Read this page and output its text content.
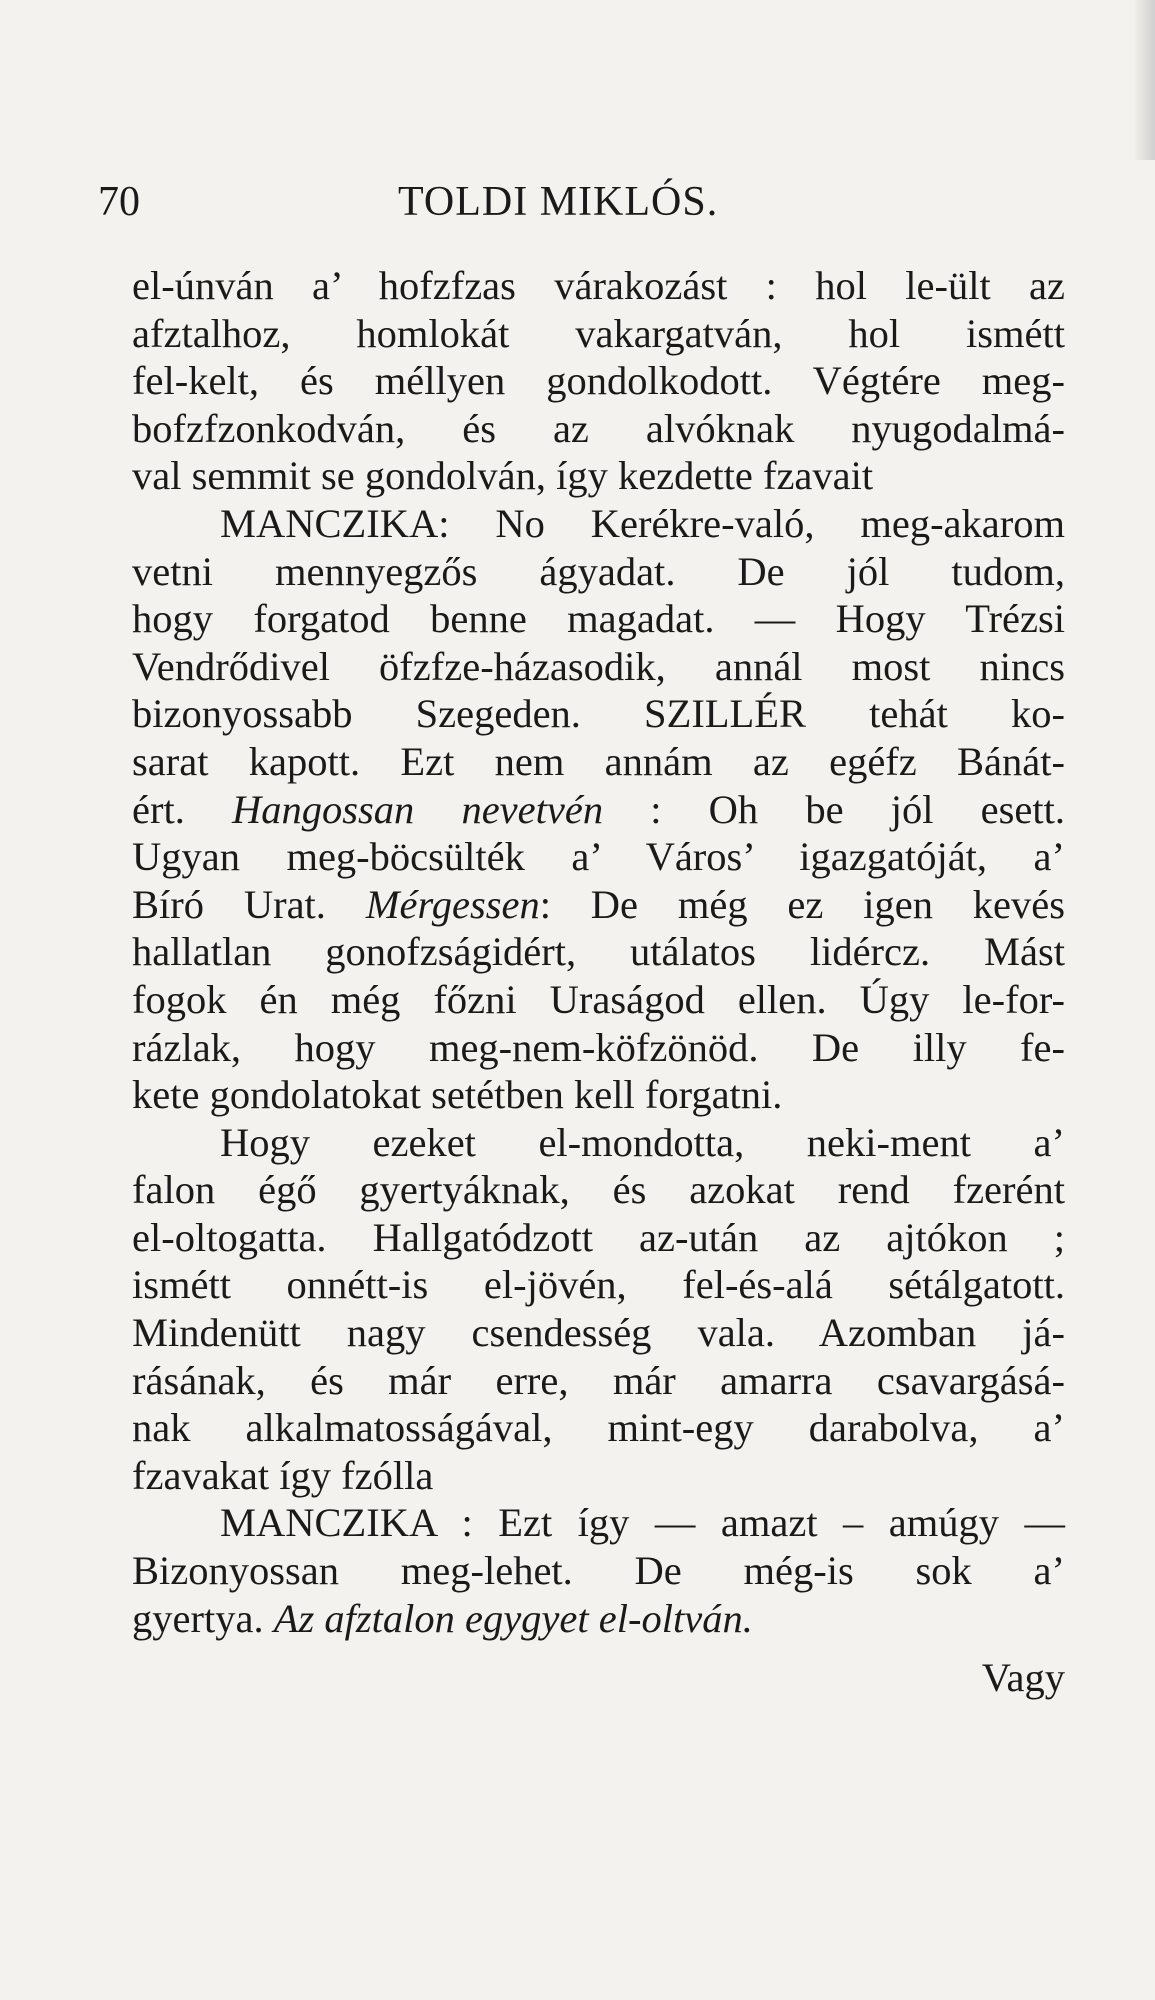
70	TOLDI MIKLÓS.
el-únván a’ hofzfzas várakozást : hol le-ült az
afztalhoz, homlokát vakargatván, hol ismétt
fel-kelt, és méllyen gondolkodott. Végtére meg-
bofzfzonkodván, és az alvóknak nyugodalmá-
val semmit se gondolván, így kezdette fzavait
MANCZIKA: No Kerékre-való, meg-akarom
vetni mennyegzős ágyadat. De jól tudom,
hogy forgatod benne magadat. — Hogy Trézsi
Vendrődivel öfzfze-házasodik, annál most nincs
bizonyossabb Szegeden. SZILLÉR tehát ko-
sarat kapott. Ezt nem annám az egéfz Bánát-
ért. Hangossan nevetvén : Oh be jól esett.
Ugyan meg-böcsülték a’ Város’ igazgatóját, a’
Bíró Urat. Mérgessen: De még ez igen kevés
hallatlan gonofzságidért, utálatos lidércz. Mást
fogok én még főzni Uraságod ellen. Úgy le-for-
rázlak, hogy meg-nem-köfzönöd. De illy fe-
kete gondolatokat setétben kell forgatni.
Hogy ezeket el-mondotta, neki-ment a’
falon égő gyertyáknak, és azokat rend fzerént
el-oltogatta. Hallgatódzott az-után az ajtókon ;
ismétt onnétt-is el-jövén, fel-és-alá sétálgatott.
Mindenütt nagy csendesség vala. Azomban já-
rásának, és már erre, már amarra csavargásá-
nak alkalmatosságával, mint-egy darabolva, a’
fzavakat így fzólla
MANCZIKA : Ezt így — amazt – amúgy —
Bizonyossan meg-lehet. De még-is sok a’
gyertya. Az afztalon egygyet el-oltván.
Vagy
